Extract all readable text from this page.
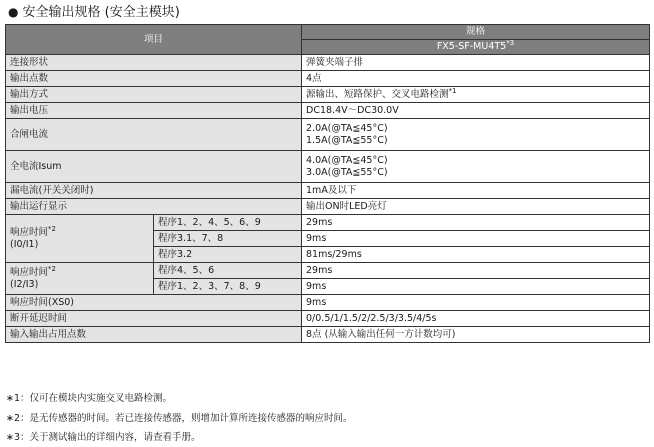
● 安全输出规格 (安全主模块)
项目		规格
		FX5-SF-MU4T5$^{*3}$
连接形状		弹簧夹端子排
输出点数		4点
输出方式		源输出、短路保护、交叉电路检测$^{*1}$
输出电压		DC18.4V～DC30.0V
合闸电流		2.0A(@TA≦45°C)
1.5A(@TA≦55°C)

全电流Isum		4.0A(@TA≦45°C)
3.0A(@TA≦55°C)

漏电流(开关关闭时)		1mA及以下
输出运行显示		输出ON时LED亮灯

响应时间$^{*2}$
(I0/I1)	程序1、2、4、5、6、9	29ms
	程序3.1、7、8	9ms
	程序3.2	81ms/29ms

响应时间$^{*2}$
(I2/I3)	程序4、5、6	29ms
	程序1、2、3、7、8、9	9ms
响应时间(XS0)		9ms
断开延迟时间		0/0.5/1/1.5/2/2.5/3/3.5/4/5s
输入输出占用点数		8点 (从输入输出任何一方计数均可)
∗1：仅可在模块内实施交叉电路检测。
∗2：是无传感器的时间。若已连接传感器，则增加计算所连接传感器的响应时间。
∗3：关于测试输出的详细内容，请查看手册。
